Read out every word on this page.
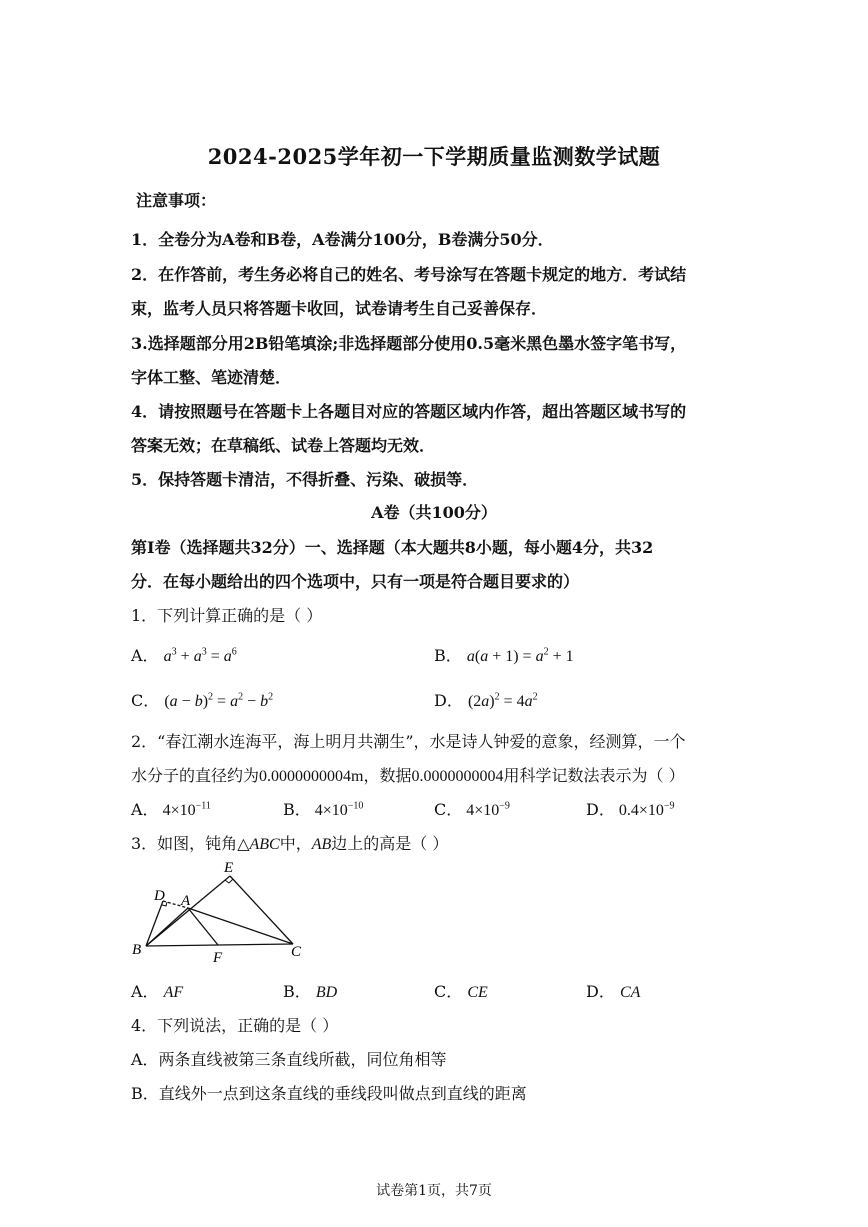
2024-2025学年初一下学期质量监测数学试题
注意事项：
1．全卷分为A卷和B卷，A卷满分100分，B卷满分50分．
2．在作答前，考生务必将自己的姓名、考号涂写在答题卡规定的地方．考试结
束，监考人员只将答题卡收回，试卷请考生自己妥善保存．
3.选择题部分用2B铅笔填涂;非选择题部分使用0.5毫米黑色墨水签字笔书写，
字体工整、笔迹清楚．
4．请按照题号在答题卡上各题目对应的答题区域内作答，超出答题区域书写的
答案无效；在草稿纸、试卷上答题均无效．
5．保持答题卡清洁，不得折叠、污染、破损等．
A卷（共100分）
第Ⅰ卷（选择题共32分）一、选择题（本大题共8小题，每小题4分，共32
分．在每小题给出的四个选项中，只有一项是符合题目要求的）
1．下列计算正确的是（ ）
A． $a^3 + a^3 = a^6$	B． $a(a + 1) = a^2 + 1$
C． $(a - b)^2 = a^2 - b^2$	D． $(2a)^2 = 4a^2$
2．“春江潮水连海平，海上明月共潮生”，水是诗人钟爱的意象，经测算，一个
水分子的直径约为0.0000000004m，数据0.0000000004用科学记数法表示为（ ）
A． $4\times 10^{-11}$	B． $4\times 10^{-10}$	C． $4\times 10^{-9}$	D． $0.4\times 10^{-9}$
3．如图，钝角△ABC中，AB边上的高是（ ）
E
D A
B	F	C
A． AF	B． BD	C． CE	D． CA
4．下列说法，正确的是（ ）
A．两条直线被第三条直线所截，同位角相等
B．直线外一点到这条直线的垂线段叫做点到直线的距离
试卷第1页，共7页
